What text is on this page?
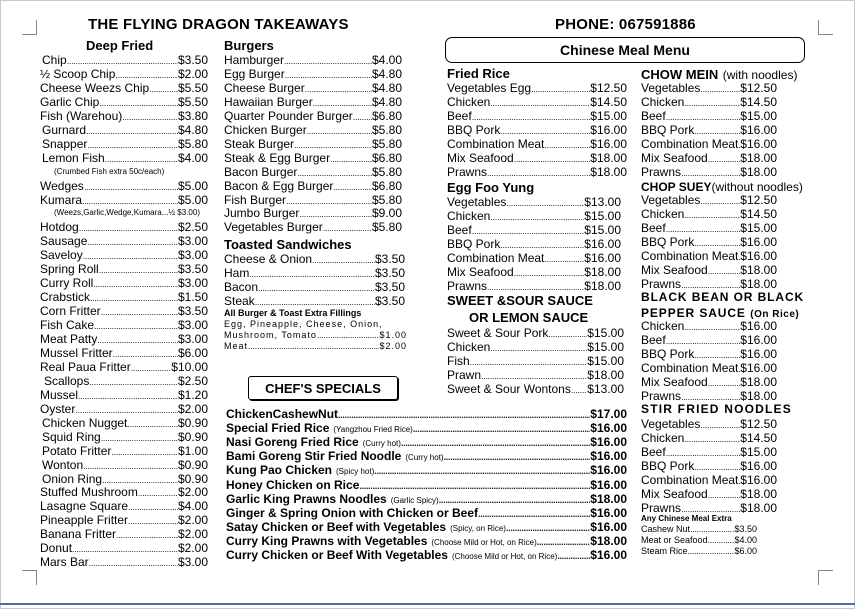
THE FLYING DRAGON TAKEAWAYS	PHONE: 067591886
Chinese Meal Menu
Deep Fried
Chip .....	$3.50
½ Scoop Chip .....	$2.00
Cheese Weezs Chip ..... $5.50
Garlic Chip .....	$5.50
Fish (Warehou) .....	$3.80
Gurnard .....	$4.80
Snapper .....	$5.80
Lemon Fish .....	$4.00
(Crumbed Fish extra 50c/each)
Wedges .....	$5.00
Kumara .....	$5.00
(Weezs,Garlic,Wedge,Kumara...½ $3.00)
Hotdog .....	$2.50
Sausage .....	$3.00
Saveloy .....	$3.00
Spring Roll .....	$3.50
Curry Roll .....	$3.00
Crabstick .....	$1.50
Corn Fritter .....	$3.50
Fish Cake .....	$3.00
Meat Patty .....	$3.00
Mussel Fritter .....	$6.00
Real Paua Fritter .....	$10.00
Scallops .....	$2.50
Mussel .....	$1.20
Oyster .....	$2.00
Chicken Nugget .....	$0.90
Squid Ring .....	$0.90
Potato Fritter .....	$1.00
Wonton .....	$0.90
Onion Ring .....	$0.90
Stuffed Mushroom .....	$2.00
Lasagne Square .....	$4.00
Pineapple Fritter .....	$2.00
Banana Fritter .....	$2.00
Donut .....	$2.00
Mars Bar .....	$3.00
Burgers
Hamburger .....	$4.00
Egg Burger .....	$4.80
Cheese Burger .....	$4.80
Hawaiian Burger .....	$4.80
Quarter Pounder Burger ..... $6.80
Chicken Burger .....	$5.80
Steak Burger .....	$5.80
Steak & Egg Burger .....	$6.80
Bacon Burger .....	$5.80
Bacon & Egg Burger .....	$6.80
Fish Burger .....	$5.80
Jumbo Burger .....	$9.00
Vegetables Burger .....	$5.80
Toasted Sandwiches
Cheese & Onion .....	$3.50
Ham .....	$3.50
Bacon .....	$3.50
Steak .....	$3.50
All Burger & Toast Extra Fillings
Egg, Pineapple, Cheese, Onion,
Mushroom, Tomato .....	$1.00
Meat .....	$2.00
CHEF'S SPECIALS
ChickenCashewNut .....	$17.00
Special Fried Rice (Yangzhou Fried Rice) .....	$16.00
Nasi Goreng Fried Rice (Curry hot) .....	$16.00
Bami Goreng Stir Fried Noodle (Curry hot) .....	$16.00
Kung Pao Chicken (Spicy hot) .....	$16.00
Honey Chicken on Rice .....	$16.00
Garlic King Prawns Noodles (Garlic Spicy) .....	$18.00
Ginger & Spring Onion with Chicken or Beef .....	$16.00
Satay Chicken or Beef with Vegetables (Spicy, on Rice) .....	$16.00
Curry King Prawns with Vegetables (Choose Mild or Hot, on Rice) .....	$18.00
Curry Chicken or Beef With Vegetables (Choose Mild or Hot, on Rice) .....	$16.00
Fried Rice
Vegetables Egg .....	$12.50
Chicken .....	$14.50
Beef .....	$15.00
BBQ Pork .....	$16.00
Combination Meat .....	$16.00
Mix Seafood .....	$18.00
Prawns .....	$18.00
Egg Foo Yung
Vegetables .....	$13.00
Chicken .....	$15.00
Beef .....	$15.00
BBQ Pork .....	$16.00
Combination Meat .....	$16.00
Mix Seafood .....	$18.00
Prawns .....	$18.00
SWEET &SOUR SAUCE
OR LEMON SAUCE
Sweet & Sour Pork .....	$15.00
Chicken .....	$15.00
Fish .....	$15.00
Prawn .....	$18.00
Sweet & Sour Wontons ..... $13.00
CHOW MEIN (with noodles)
Vegetables .....	$12.50
Chicken .....	$14.50
Beef .....	$15.00
BBQ Pork .....	$16.00
Combination Meat ..... $16.00
Mix Seafood .....	$18.00
Prawns .....	$18.00
CHOP SUEY(without noodles)
Vegetables .....	$12.50
Chicken .....	$14.50
Beef .....	$15.00
BBQ Pork .....	$16.00
Combination Meat ..... $16.00
Mix Seafood .....	$18.00
Prawns .....	$18.00
BLACK BEAN OR BLACK
PEPPER SAUCE (On Rice)
Chicken .....	$16.00
Beef .....	$16.00
BBQ Pork .....	$16.00
Combination Meat ..... $16.00
Mix Seafood .....	$18.00
Prawns .....	$18.00
STIR FRIED NOODLES
Vegetables .....	$12.50
Chicken .....	$14.50
Beef .....	$15.00
BBQ Pork .....	$16.00
Combination Meat ..... $16.00
Mix Seafood .....	$18.00
Prawns .....	$18.00
Any Chinese Meal Extra
Cashew Nut .....	$3.50
Meat or Seafood .....	$4.00
Steam Rice .....	$6.00
